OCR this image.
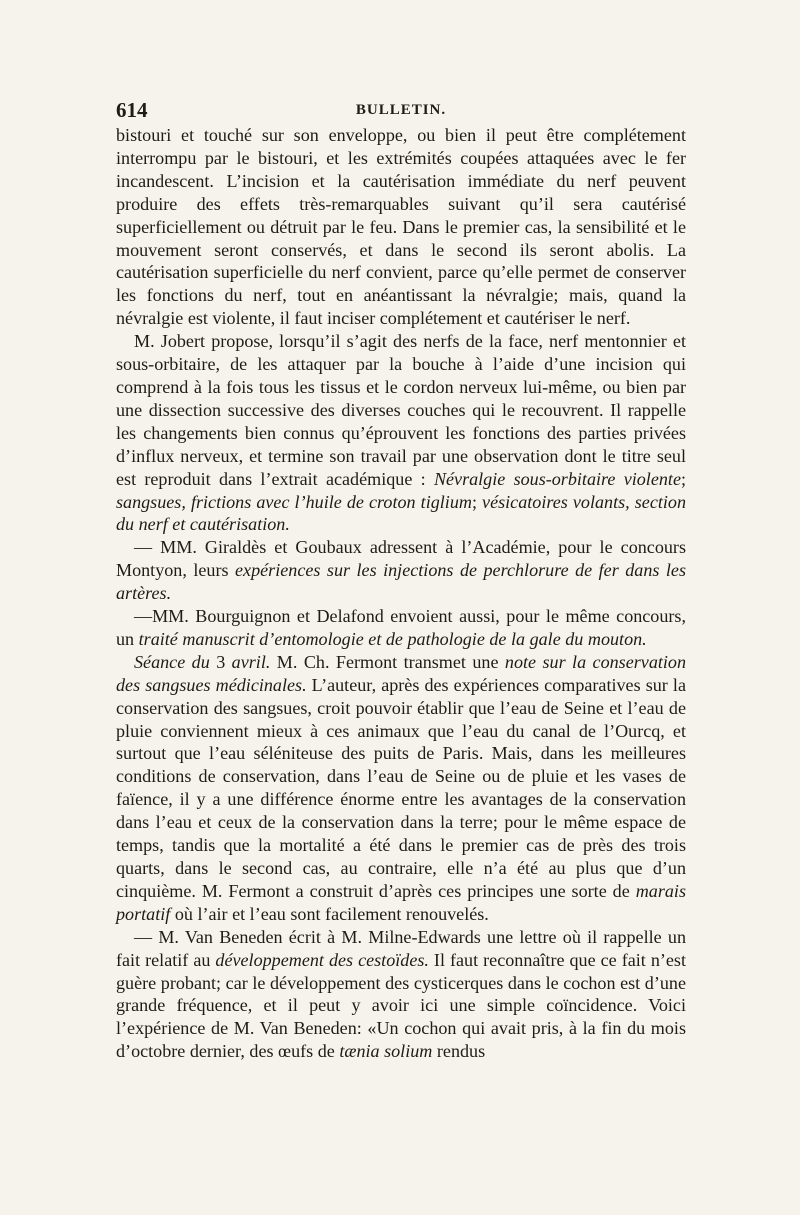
614	BULLETIN.

bistouri et touché sur son enveloppe, ou bien il peut être complétement interrompu par le bistouri, et les extrémités coupées attaquées avec le fer incandescent. L’incision et la cautérisation immédiate du nerf peuvent produire des effets très-remarquables suivant qu’il sera cautérisé superficiellement ou détruit par le feu. Dans le premier cas, la sensibilité et le mouvement seront conservés, et dans le second ils seront abolis. La cautérisation superficielle du nerf convient, parce qu’elle permet de conserver les fonctions du nerf, tout en anéantissant la névralgie; mais, quand la névralgie est violente, il faut inciser complétement et cautériser le nerf.

M. Jobert propose, lorsqu’il s’agit des nerfs de la face, nerf mentonnier et sous-orbitaire, de les attaquer par la bouche à l’aide d’une incision qui comprend à la fois tous les tissus et le cordon nerveux lui-même, ou bien par une dissection successive des diverses couches qui le recouvrent. Il rappelle les changements bien connus qu’éprouvent les fonctions des parties privées d’influx nerveux, et termine son travail par une observation dont le titre seul est reproduit dans l’extrait académique : Névralgie sous-orbitaire violente; sangsues, frictions avec l’huile de croton tiglium; vésicatoires volants, section du nerf et cautérisation.

— MM. Giraldès et Goubaux adressent à l’Académie, pour le concours Montyon, leurs expériences sur les injections de perchlorure de fer dans les artères.

—MM. Bourguignon et Delafond envoient aussi, pour le même concours, un traité manuscrit d’entomologie et de pathologie de la gale du mouton.

Séance du 3 avril. M. Ch. Fermont transmet une note sur la conservation des sangsues médicinales. L’auteur, après des expériences comparatives sur la conservation des sangsues, croit pouvoir établir que l’eau de Seine et l’eau de pluie conviennent mieux à ces animaux que l’eau du canal de l’Ourcq, et surtout que l’eau séléniteuse des puits de Paris. Mais, dans les meilleures conditions de conservation, dans l’eau de Seine ou de pluie et les vases de faïence, il y a une différence énorme entre les avantages de la conservation dans l’eau et ceux de la conservation dans la terre; pour le même espace de temps, tandis que la mortalité a été dans le premier cas de près des trois quarts, dans le second cas, au contraire, elle n’a été au plus que d’un cinquième. M. Fermont a construit d’après ces principes une sorte de marais portatif où l’air et l’eau sont facilement renouvelés.

— M. Van Beneden écrit à M. Milne-Edwards une lettre où il rappelle un fait relatif au développement des cestoïdes. Il faut reconnaître que ce fait n’est guère probant; car le développement des cysticerques dans le cochon est d’une grande fréquence, et il peut y avoir ici une simple coïncidence. Voici l’expérience de M. Van Beneden: «Un cochon qui avait pris, à la fin du mois d’octobre dernier, des œufs de tænia solium rendus
